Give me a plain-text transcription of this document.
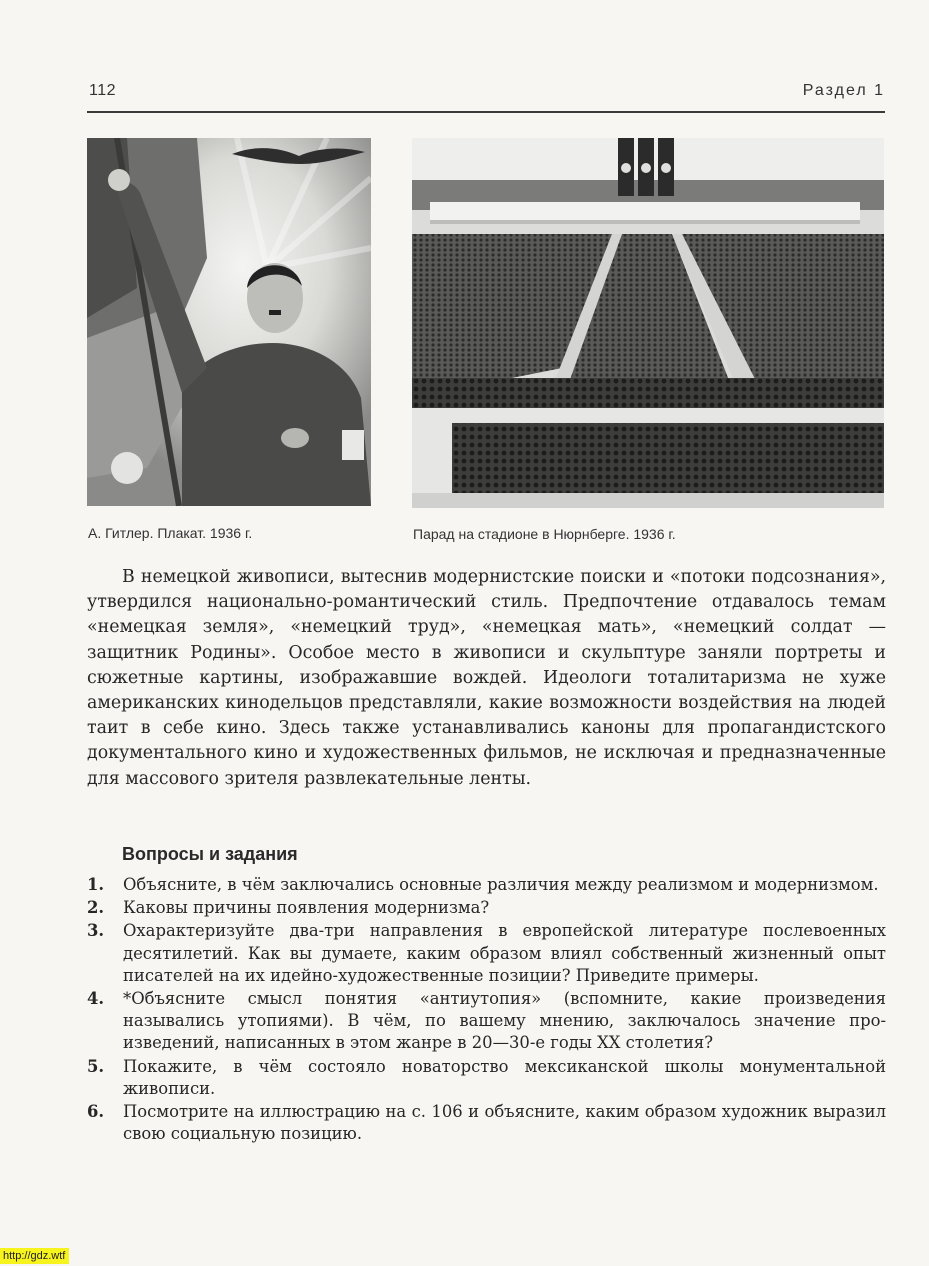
112	Раздел 1
А. Гитлер. Плакат. 1936 г.	Парад на стадионе в Нюрнберге. 1936 г.

В немецкой живописи, вытеснив модернистские поиски и «потоки подсознания», утвердился национально-романтический стиль. Предпочтение отдавалось темам «немецкая земля», «немецкий труд», «немецкая мать», «немецкий солдат — защитник Родины». Особое место в живописи и скульптуре заняли портреты и сюжетные картины, изображавшие вождей. Идеологи тоталитаризма не хуже американских кинодельцов представляли, какие возможности воздействия на людей таит в себе кино. Здесь также устанавливались каноны для пропагандистского документального кино и художественных фильмов, не исключая и предназначенные для массового зрителя развлекательные ленты.

Вопросы и задания
1. Объясните, в чём заключались основные различия между реализмом и модернизмом.
2. Каковы причины появления модернизма?
3. Охарактеризуйте два-три направления в европейской литературе послевоенных десятилетий. Как вы думаете, каким образом влиял собственный жизненный опыт писателей на их идейно-художественные позиции? Приведите примеры.
4. *Объясните смысл понятия «антиутопия» (вспомните, какие произведения назывались утопиями). В чём, по вашему мнению, заключалось значение произведений, написанных в этом жанре в 20—30-е годы XX столетия?
5. Покажите, в чём состояло новаторство мексиканской школы монументальной живописи.
6. Посмотрите на иллюстрацию на с. 106 и объясните, каким образом художник выразил свою социальную позицию.
http://gdz.wtf
